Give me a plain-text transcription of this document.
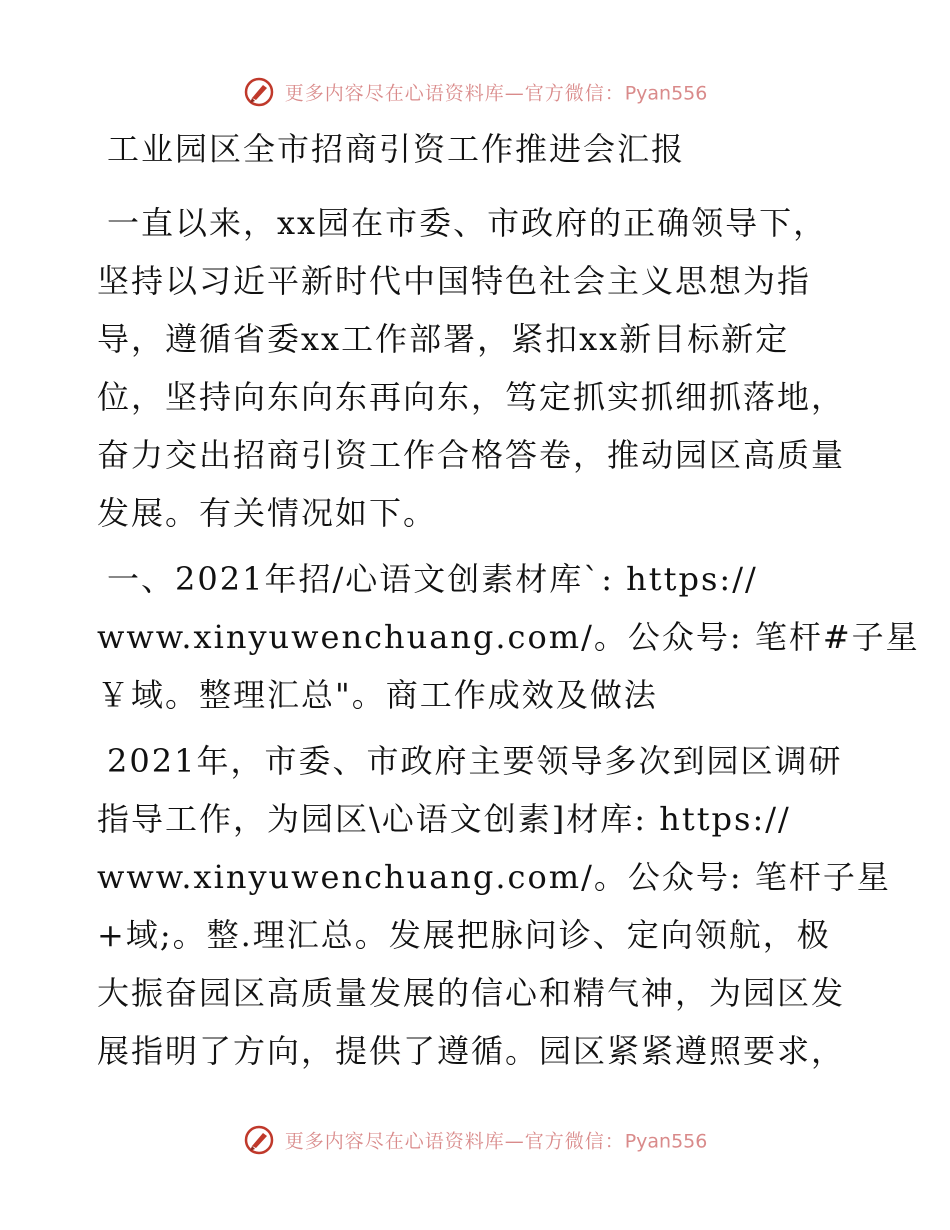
更多内容尽在心语资料库—官方微信：Pyan556
工业园区全市招商引资工作推进会汇报
一直以来，xx园在市委、市政府的正确领导下，
坚持以习近平新时代中国特色社会主义思想为指
导，遵循省委xx工作部署，紧扣xx新目标新定
位，坚持向东向东再向东，笃定抓实抓细抓落地，
奋力交出招商引资工作合格答卷，推动园区高质量
发展。有关情况如下。
一、2021年招/心语文创素材库`: https://
www.xinyuwenchuang.com/。公众号: 笔杆#子星
￥域。整理汇总"。商工作成效及做法
2021年，市委、市政府主要领导多次到园区调研
指导工作，为园区\心语文创素]材库: https://
www.xinyuwenchuang.com/。公众号: 笔杆子星
+域;。整.理汇总。发展把脉问诊、定向领航，极
大振奋园区高质量发展的信心和精气神，为园区发
展指明了方向，提供了遵循。园区紧紧遵照要求，
更多内容尽在心语资料库—官方微信：Pyan556
